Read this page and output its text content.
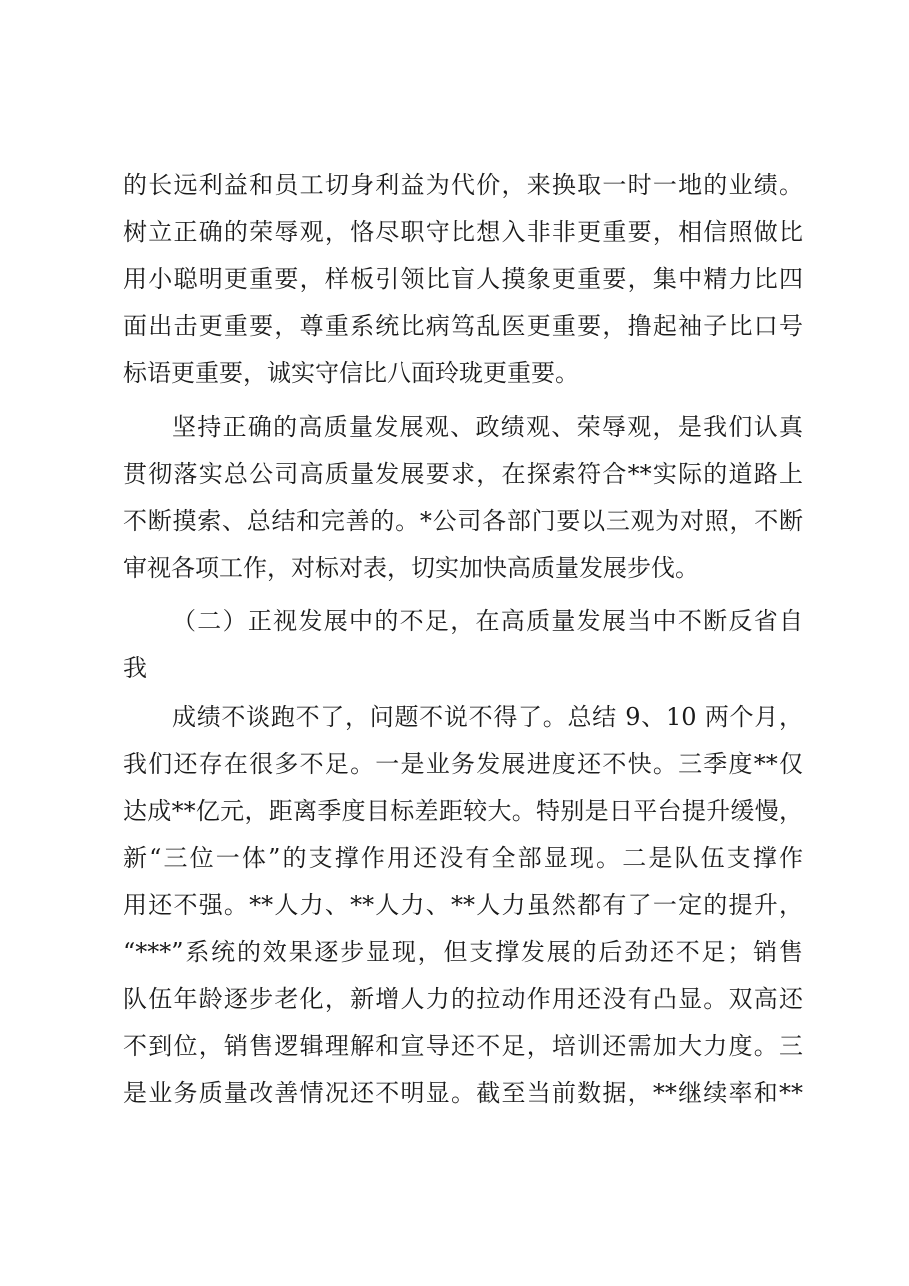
的长远利益和员工切身利益为代价，来换取一时一地的业绩。
树立正确的荣辱观，恪尽职守比想入非非更重要，相信照做比
用小聪明更重要，样板引领比盲人摸象更重要，集中精力比四
面出击更重要，尊重系统比病笃乱医更重要，撸起袖子比口号
标语更重要，诚实守信比八面玲珑更重要。
坚持正确的高质量发展观、政绩观、荣辱观，是我们认真
贯彻落实总公司高质量发展要求，在探索符合**实际的道路上
不断摸索、总结和完善的。*公司各部门要以三观为对照，不断
审视各项工作，对标对表，切实加快高质量发展步伐。
（二）正视发展中的不足，在高质量发展当中不断反省自
我
成绩不谈跑不了，问题不说不得了。总结 9、10 两个月，
我们还存在很多不足。一是业务发展进度还不快。三季度**仅
达成**亿元，距离季度目标差距较大。特别是日平台提升缓慢，
新“三位一体”的支撑作用还没有全部显现。二是队伍支撑作
用还不强。**人力、**人力、**人力虽然都有了一定的提升，
“***”系统的效果逐步显现，但支撑发展的后劲还不足；销售
队伍年龄逐步老化，新增人力的拉动作用还没有凸显。双高还
不到位，销售逻辑理解和宣导还不足，培训还需加大力度。三
是业务质量改善情况还不明显。截至当前数据，**继续率和**
